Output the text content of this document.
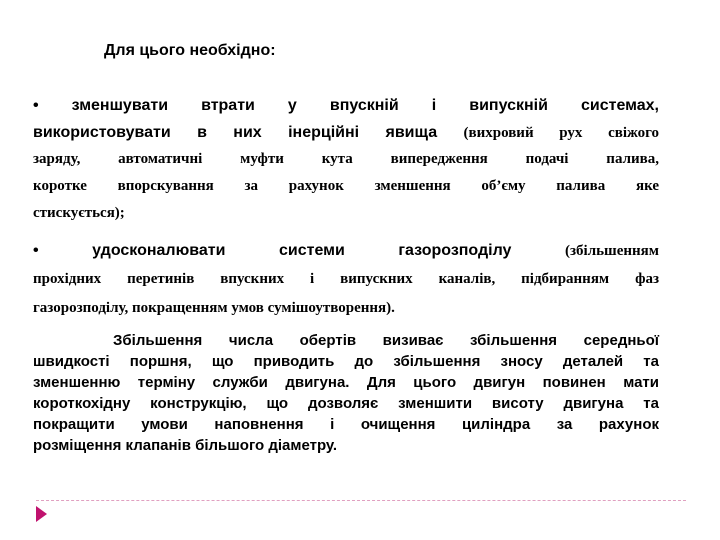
Для цього необхідно:
• зменшувати втрати у впускній і випускній системах,
використовувати в них інерційні явища (вихровий рух свіжого
заряду, автоматичні муфти кута випередження подачі палива,
коротке впорскування за рахунок зменшення об’єму палива яке
стискується);
• удосконалювати системи газорозподілу (збільшенням
прохідних перетинів впускних і випускних каналів, підбиранням фаз
газорозподілу, покращенням умов сумішоутворення).
Збільшення числа обертів визиває збільшення середньої
швидкості поршня, що приводить до збільшення зносу деталей та
зменшенню терміну служби двигуна. Для цього двигун повинен мати
короткохідну конструкцію, що дозволяє зменшити висоту двигуна та
покращити умови наповнення і очищення циліндра за рахунок
розміщення клапанів більшого діаметру.
